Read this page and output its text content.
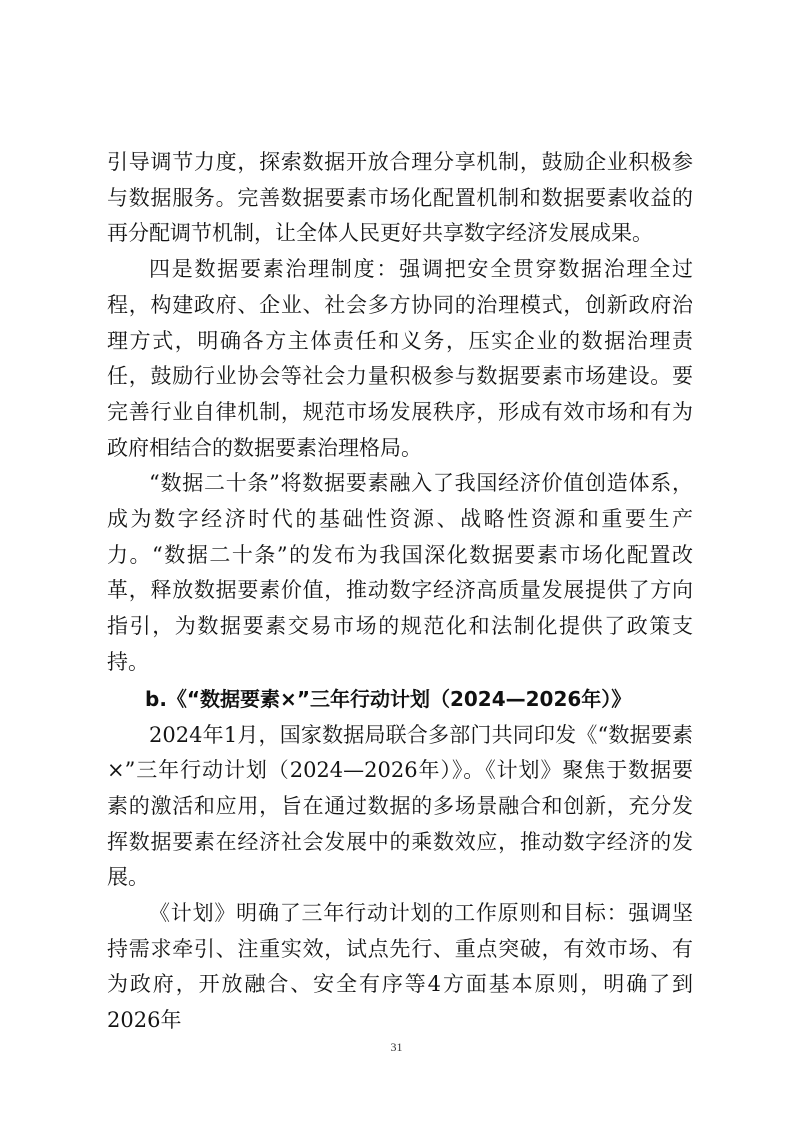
引导调节力度，探索数据开放合理分享机制，鼓励企业积极参与数据服务。完善数据要素市场化配置机制和数据要素收益的再分配调节机制，让全体人民更好共享数字经济发展成果。

四是数据要素治理制度：强调把安全贯穿数据治理全过程，构建政府、企业、社会多方协同的治理模式，创新政府治理方式，明确各方主体责任和义务，压实企业的数据治理责任，鼓励行业协会等社会力量积极参与数据要素市场建设。要完善行业自律机制，规范市场发展秩序，形成有效市场和有为政府相结合的数据要素治理格局。

“数据二十条”将数据要素融入了我国经济价值创造体系，成为数字经济时代的基础性资源、战略性资源和重要生产力。“数据二十条”的发布为我国深化数据要素市场化配置改革，释放数据要素价值，推动数字经济高质量发展提供了方向指引，为数据要素交易市场的规范化和法制化提供了政策支持。

b.《“数据要素×”三年行动计划（2024—2026年）》

2024年1月，国家数据局联合多部门共同印发《“数据要素×”三年行动计划（2024—2026年）》。《计划》聚焦于数据要素的激活和应用，旨在通过数据的多场景融合和创新，充分发挥数据要素在经济社会发展中的乘数效应，推动数字经济的发展。

《计划》明确了三年行动计划的工作原则和目标：强调坚持需求牵引、注重实效，试点先行、重点突破，有效市场、有为政府，开放融合、安全有序等4方面基本原则，明确了到2026年

31
